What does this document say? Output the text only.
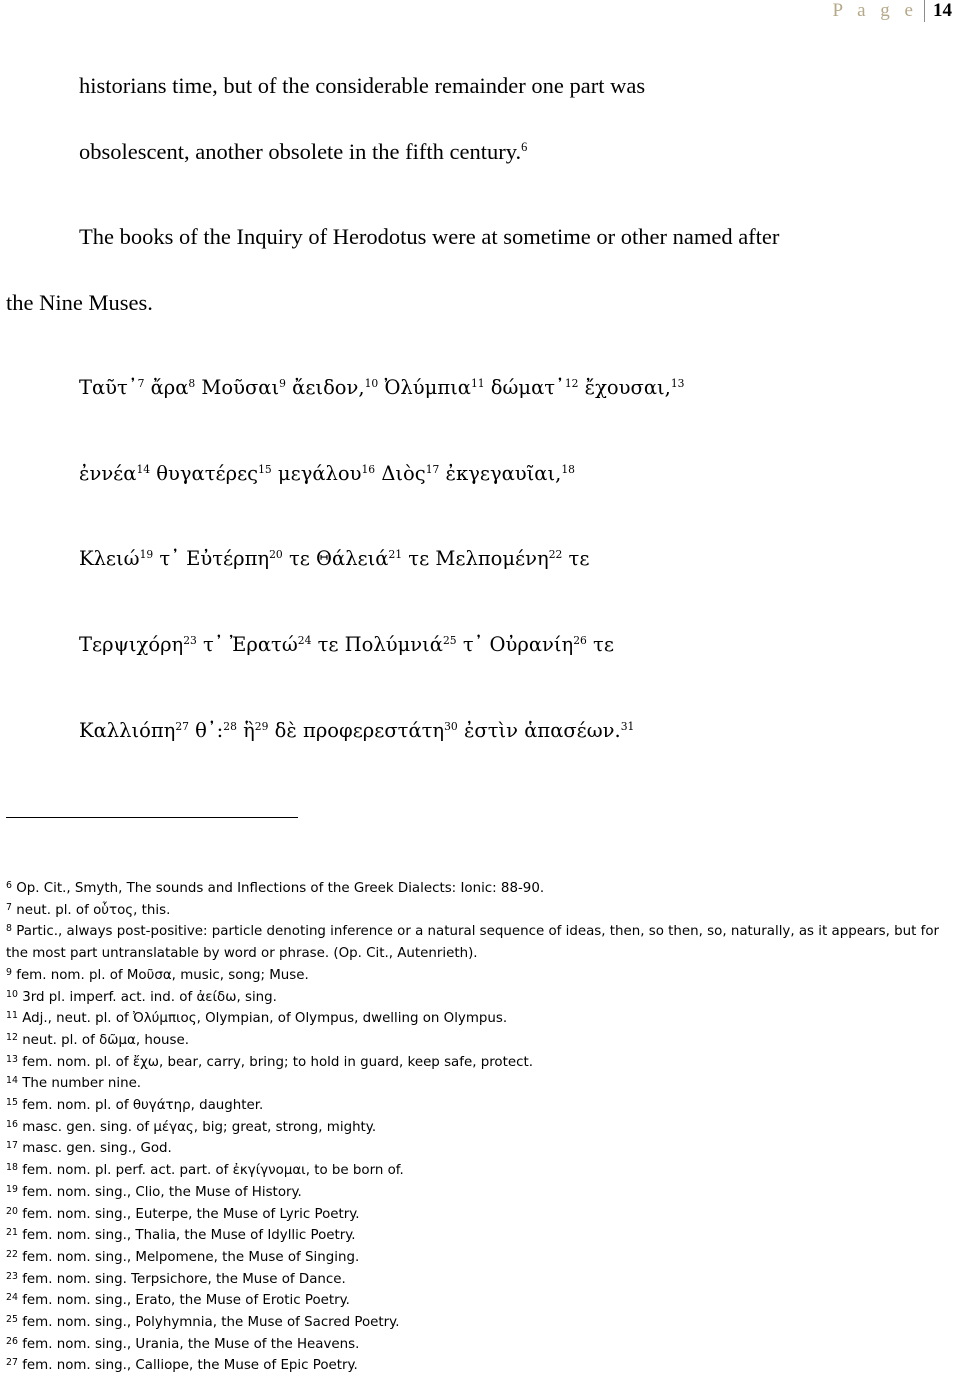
P a g e 14
historians time, but of the considerable remainder one part was
obsolescent, another obsolete in the fifth century.$^6$
The books of the Inquiry of Herodotus were at sometime or other named after
the Nine Muses.
Ταῦτ᾽$^7$ ἄρα$^8$ Μοῦσαι$^9$ ἄειδον,$^{10}$ Ὀλύμπια$^{11}$ δώματ᾽$^{12}$ ἔχουσαι,$^{13}$
ἐννέα$^{14}$ θυγατέρες$^{15}$ μεγάλου$^{16}$ Διὸς$^{17}$ ἐκγεγαυῖαι,$^{18}$
Κλειώ$^{19}$ τ᾽ Εὐτέρπη$^{20}$ τε Θάλειά$^{21}$ τε Μελπομένη$^{22}$ τε
Τερψιχόρη$^{23}$ τ᾽ Ἐρατώ$^{24}$ τε Πολύμνιά$^{25}$ τ᾽ Οὐρανίη$^{26}$ τε
Καλλιόπη$^{27}$ θ᾽:$^{28}$ ἣ$^{29}$ δὲ προφερεστάτη$^{30}$ ἐστὶν ἁπασέων.$^{31}$
$^6$ Op. Cit., Smyth, The sounds and Inflections of the Greek Dialects: Ionic: 88-90.
$^7$ neut. pl. of οὗτος, this.
$^8$ Partic., always post-positive: particle denoting inference or a natural sequence of ideas, then, so then, so, naturally, as it appears, but for the most part untranslatable by word or phrase. (Op. Cit., Autenrieth).
$^9$ fem. nom. pl. of Μοῦσα, music, song; Muse.
$^{10}$ 3rd pl. imperf. act. ind. of ἀείδω, sing.
$^{11}$ Adj., neut. pl. of Ὀλύμπιος, Olympian, of Olympus, dwelling on Olympus.
$^{12}$ neut. pl. of δῶμα, house.
$^{13}$ fem. nom. pl. of ἔχω, bear, carry, bring; to hold in guard, keep safe, protect.
$^{14}$ The number nine.
$^{15}$ fem. nom. pl. of θυγάτηρ, daughter.
$^{16}$ masc. gen. sing. of μέγας, big; great, strong, mighty.
$^{17}$ masc. gen. sing., God.
$^{18}$ fem. nom. pl. perf. act. part. of ἐκγίγνομαι, to be born of.
$^{19}$ fem. nom. sing., Clio, the Muse of History.
$^{20}$ fem. nom. sing., Euterpe, the Muse of Lyric Poetry.
$^{21}$ fem. nom. sing., Thalia, the Muse of Idyllic Poetry.
$^{22}$ fem. nom. sing., Melpomene, the Muse of Singing.
$^{23}$ fem. nom. sing. Terpsichore, the Muse of Dance.
$^{24}$ fem. nom. sing., Erato, the Muse of Erotic Poetry.
$^{25}$ fem. nom. sing., Polyhymnia, the Muse of Sacred Poetry.
$^{26}$ fem. nom. sing., Urania, the Muse of the Heavens.
$^{27}$ fem. nom. sing., Calliope, the Muse of Epic Poetry.
